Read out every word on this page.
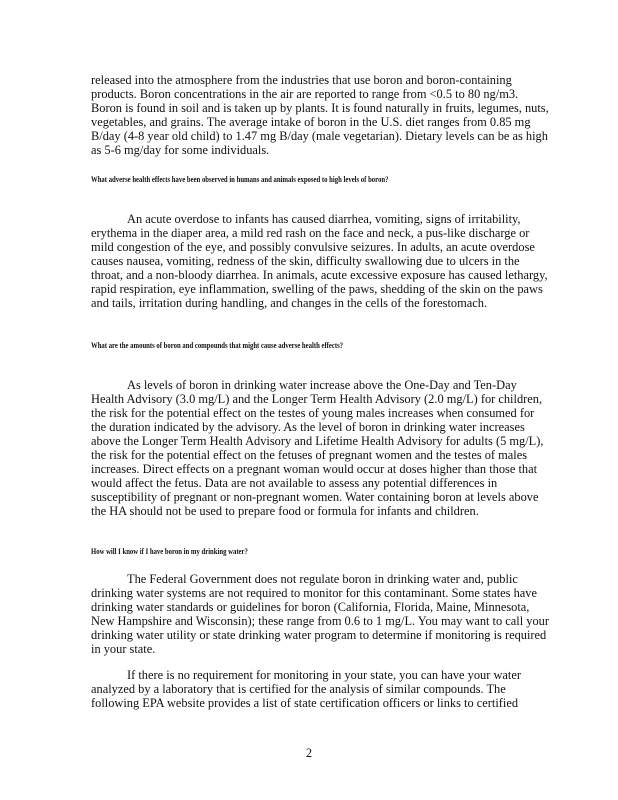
released into the atmosphere from the industries that use boron and boron-containing products. Boron concentrations in the air are reported to range from <0.5 to 80 ng/m3. Boron is found in soil and is taken up by plants. It is found naturally in fruits, legumes, nuts, vegetables, and grains. The average intake of boron in the U.S. diet ranges from 0.85 mg B/day (4-8 year old child) to 1.47 mg B/day (male vegetarian). Dietary levels can be as high as 5-6 mg/day for some individuals.

What adverse health effects have been observed in humans and animals exposed to high levels of boron?

An acute overdose to infants has caused diarrhea, vomiting, signs of irritability, erythema in the diaper area, a mild red rash on the face and neck, a pus-like discharge or mild congestion of the eye, and possibly convulsive seizures. In adults, an acute overdose causes nausea, vomiting, redness of the skin, difficulty swallowing due to ulcers in the throat, and a non-bloody diarrhea. In animals, acute excessive exposure has caused lethargy, rapid respiration, eye inflammation, swelling of the paws, shedding of the skin on the paws and tails, irritation during handling, and changes in the cells of the forestomach.

What are the amounts of boron and compounds that might cause adverse health effects?

As levels of boron in drinking water increase above the One-Day and Ten-Day Health Advisory (3.0 mg/L) and the Longer Term Health Advisory (2.0 mg/L) for children, the risk for the potential effect on the testes of young males increases when consumed for the duration indicated by the advisory. As the level of boron in drinking water increases above the Longer Term Health Advisory and Lifetime Health Advisory for adults (5 mg/L), the risk for the potential effect on the fetuses of pregnant women and the testes of males increases. Direct effects on a pregnant woman would occur at doses higher than those that would affect the fetus. Data are not available to assess any potential differences in susceptibility of pregnant or non-pregnant women. Water containing boron at levels above the HA should not be used to prepare food or formula for infants and children.

How will I know if I have boron in my drinking water?

The Federal Government does not regulate boron in drinking water and, public drinking water systems are not required to monitor for this contaminant. Some states have drinking water standards or guidelines for boron (California, Florida, Maine, Minnesota, New Hampshire and Wisconsin); these range from 0.6 to 1 mg/L. You may want to call your drinking water utility or state drinking water program to determine if monitoring is required in your state.

If there is no requirement for monitoring in your state, you can have your water analyzed by a laboratory that is certified for the analysis of similar compounds. The following EPA website provides a list of state certification officers or links to certified

2
